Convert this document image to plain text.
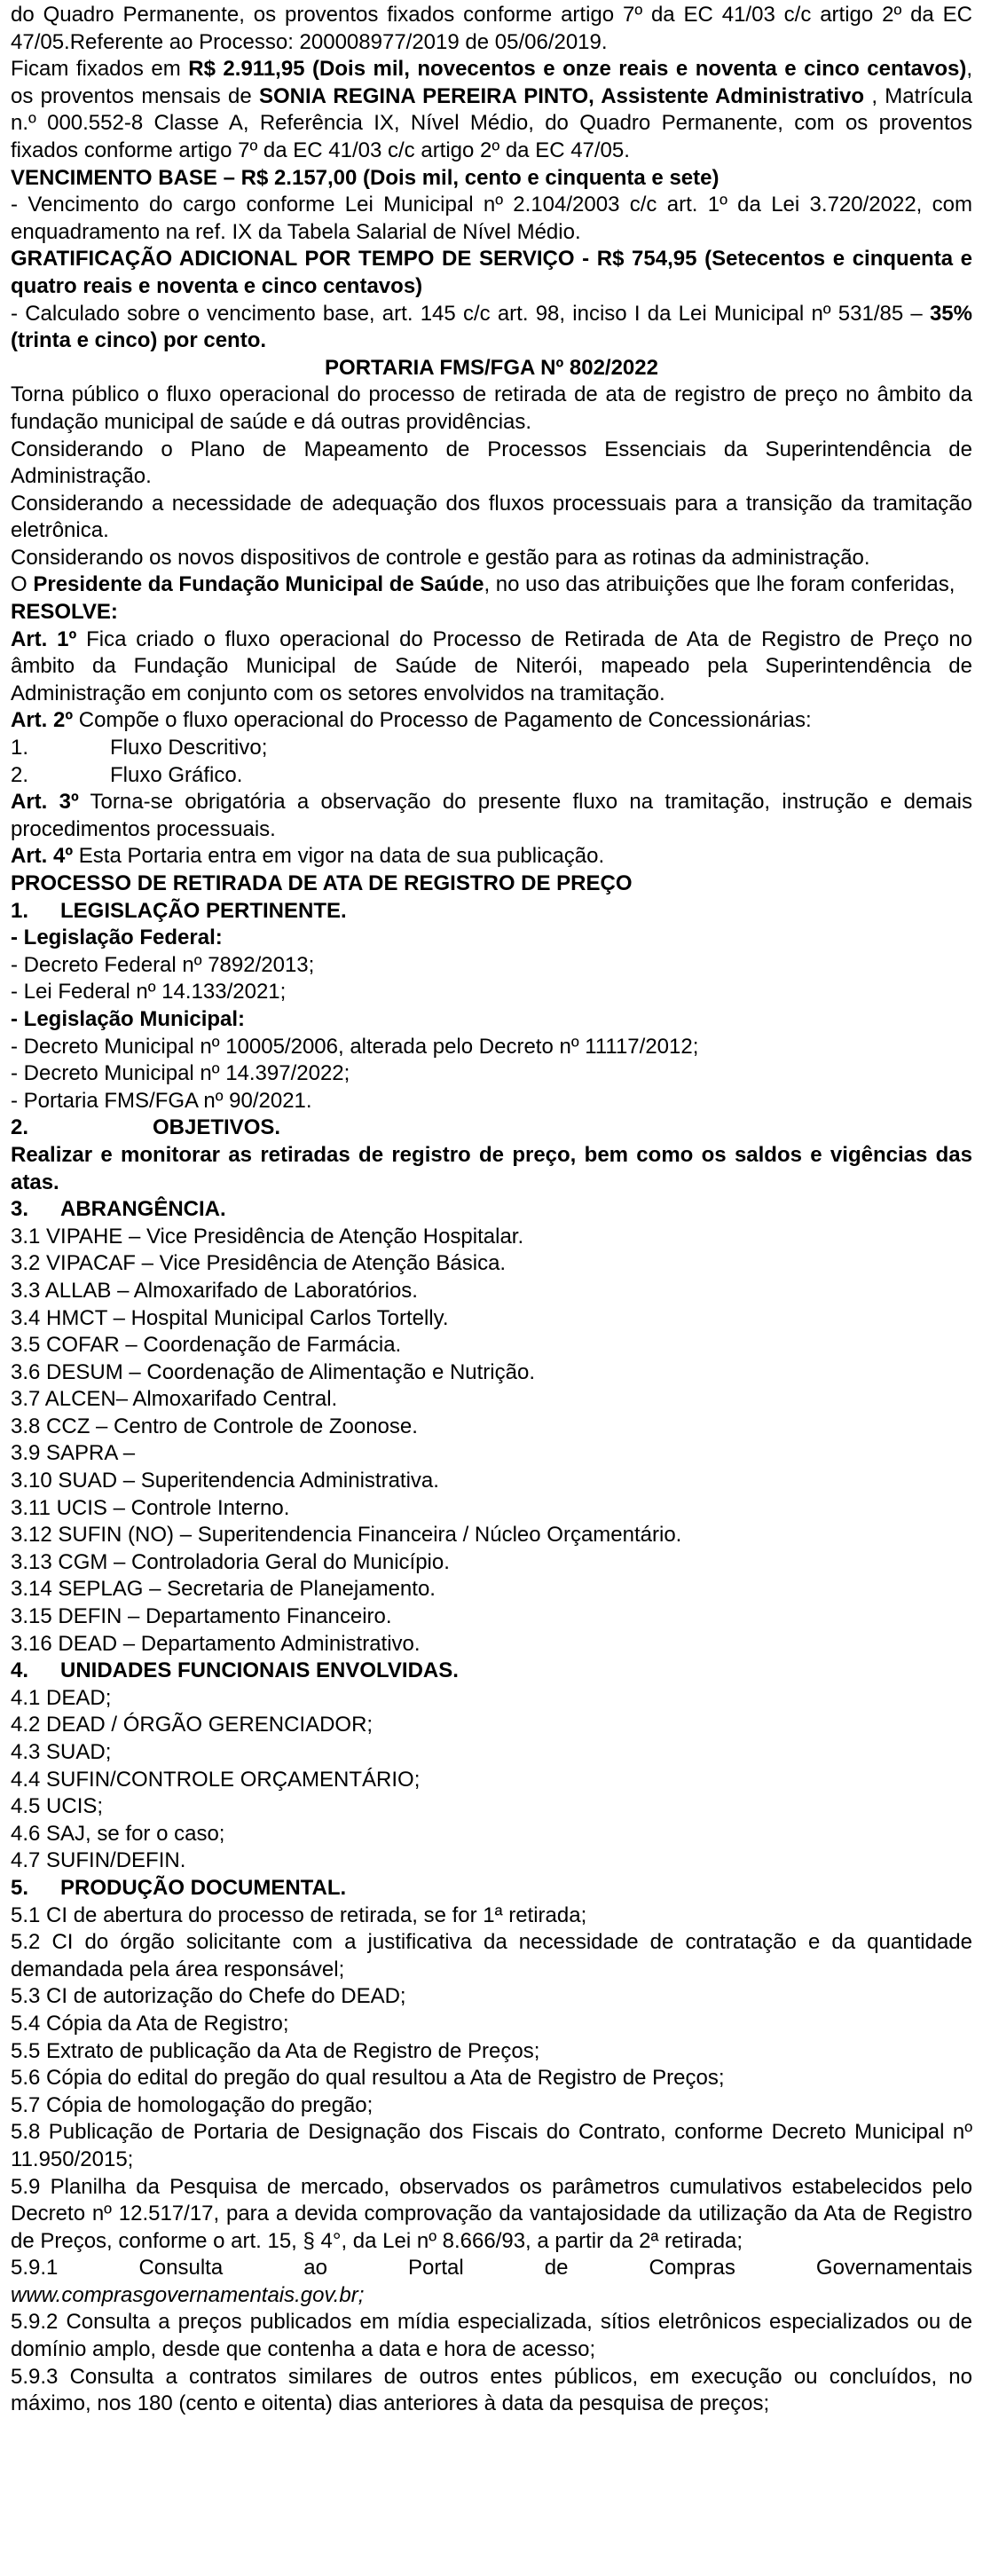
do Quadro Permanente, os proventos fixados conforme artigo 7º da EC 41/03 c/c artigo 2º da EC 47/05.Referente ao Processo: 200008977/2019 de 05/06/2019.

Ficam fixados em R$ 2.911,95 (Dois mil, novecentos e onze reais e noventa e cinco centavos), os proventos mensais de SONIA REGINA PEREIRA PINTO, Assistente Administrativo , Matrícula n.º 000.552-8 Classe A, Referência IX, Nível Médio, do Quadro Permanente, com os proventos fixados conforme artigo 7º da EC 41/03 c/c artigo 2º da EC 47/05.

VENCIMENTO BASE – R$ 2.157,00 (Dois mil, cento e cinquenta e sete)

- Vencimento do cargo conforme Lei Municipal nº 2.104/2003 c/c art. 1º da Lei 3.720/2022, com enquadramento na ref. IX da Tabela Salarial de Nível Médio.

GRATIFICAÇÃO ADICIONAL POR TEMPO DE SERVIÇO - R$ 754,95 (Setecentos e cinquenta e quatro reais e noventa e cinco centavos)

- Calculado sobre o vencimento base, art. 145 c/c art. 98, inciso I da Lei Municipal nº 531/85 – 35% (trinta e cinco) por cento.

PORTARIA FMS/FGA Nº 802/2022

Torna público o fluxo operacional do processo de retirada de ata de registro de preço no âmbito da fundação municipal de saúde e dá outras providências.

Considerando o Plano de Mapeamento de Processos Essenciais da Superintendência de Administração.

Considerando a necessidade de adequação dos fluxos processuais para a transição da tramitação eletrônica.

Considerando os novos dispositivos de controle e gestão para as rotinas da administração.

O Presidente da Fundação Municipal de Saúde, no uso das atribuições que lhe foram conferidas,

RESOLVE:

Art. 1º Fica criado o fluxo operacional do Processo de Retirada de Ata de Registro de Preço no âmbito da Fundação Municipal de Saúde de Niterói, mapeado pela Superintendência de Administração em conjunto com os setores envolvidos na tramitação.

Art. 2º Compõe o fluxo operacional do Processo de Pagamento de Concessionárias:

1.	Fluxo Descritivo;

2.	Fluxo Gráfico.

Art. 3º Torna-se obrigatória a observação do presente fluxo na tramitação, instrução e demais procedimentos processuais.

Art. 4º Esta Portaria entra em vigor na data de sua publicação.

PROCESSO DE RETIRADA DE ATA DE REGISTRO DE PREÇO

1. LEGISLAÇÃO PERTINENTE.

- Legislação Federal:

- Decreto Federal nº 7892/2013;

- Lei Federal nº 14.133/2021;

- Legislação Municipal:

- Decreto Municipal nº 10005/2006, alterada pelo Decreto nº 11117/2012;

- Decreto Municipal nº 14.397/2022;

- Portaria FMS/FGA nº 90/2021.

2.	OBJETIVOS.

Realizar e monitorar as retiradas de registro de preço, bem como os saldos e vigências das atas.

3. ABRANGÊNCIA.

3.1 VIPAHE – Vice Presidência de Atenção Hospitalar.

3.2 VIPACAF – Vice Presidência de Atenção Básica.

3.3 ALLAB – Almoxarifado de Laboratórios.

3.4 HMCT – Hospital Municipal Carlos Tortelly.

3.5 COFAR – Coordenação de Farmácia.

3.6 DESUM – Coordenação de Alimentação e Nutrição.

3.7 ALCEN– Almoxarifado Central.

3.8 CCZ – Centro de Controle de Zoonose.

3.9 SAPRA –

3.10 SUAD – Superitendencia Administrativa.

3.11 UCIS – Controle Interno.

3.12 SUFIN (NO) – Superitendencia Financeira / Núcleo Orçamentário.

3.13 CGM – Controladoria Geral do Município.

3.14 SEPLAG – Secretaria de Planejamento.

3.15 DEFIN – Departamento Financeiro.

3.16 DEAD – Departamento Administrativo.

4. UNIDADES FUNCIONAIS ENVOLVIDAS.

4.1 DEAD;

4.2 DEAD / ÓRGÃO GERENCIADOR;

4.3 SUAD;

4.4 SUFIN/CONTROLE ORÇAMENTÁRIO;

4.5 UCIS;

4.6 SAJ, se for o caso;

4.7 SUFIN/DEFIN.

5. PRODUÇÃO DOCUMENTAL.

5.1 CI de abertura do processo de retirada, se for 1ª retirada;

5.2 CI do órgão solicitante com a justificativa da necessidade de contratação e da quantidade demandada pela área responsável;

5.3 CI de autorização do Chefe do DEAD;

5.4 Cópia da Ata de Registro;

5.5 Extrato de publicação da Ata de Registro de Preços;

5.6 Cópia do edital do pregão do qual resultou a Ata de Registro de Preços;

5.7 Cópia de homologação do pregão;

5.8 Publicação de Portaria de Designação dos Fiscais do Contrato, conforme Decreto Municipal nº 11.950/2015;

5.9 Planilha da Pesquisa de mercado, observados os parâmetros cumulativos estabelecidos pelo Decreto nº 12.517/17, para a devida comprovação da vantajosidade da utilização da Ata de Registro de Preços, conforme o art. 15, § 4°, da Lei nº 8.666/93, a partir da 2ª retirada;

5.9.1 Consulta ao Portal de Compras Governamentais

www.comprasgovernamentais.gov.br;

5.9.2 Consulta a preços publicados em mídia especializada, sítios eletrônicos especializados ou de domínio amplo, desde que contenha a data e hora de acesso;

5.9.3 Consulta a contratos similares de outros entes públicos, em execução ou concluídos, no máximo, nos 180 (cento e oitenta) dias anteriores à data da pesquisa de preços;
